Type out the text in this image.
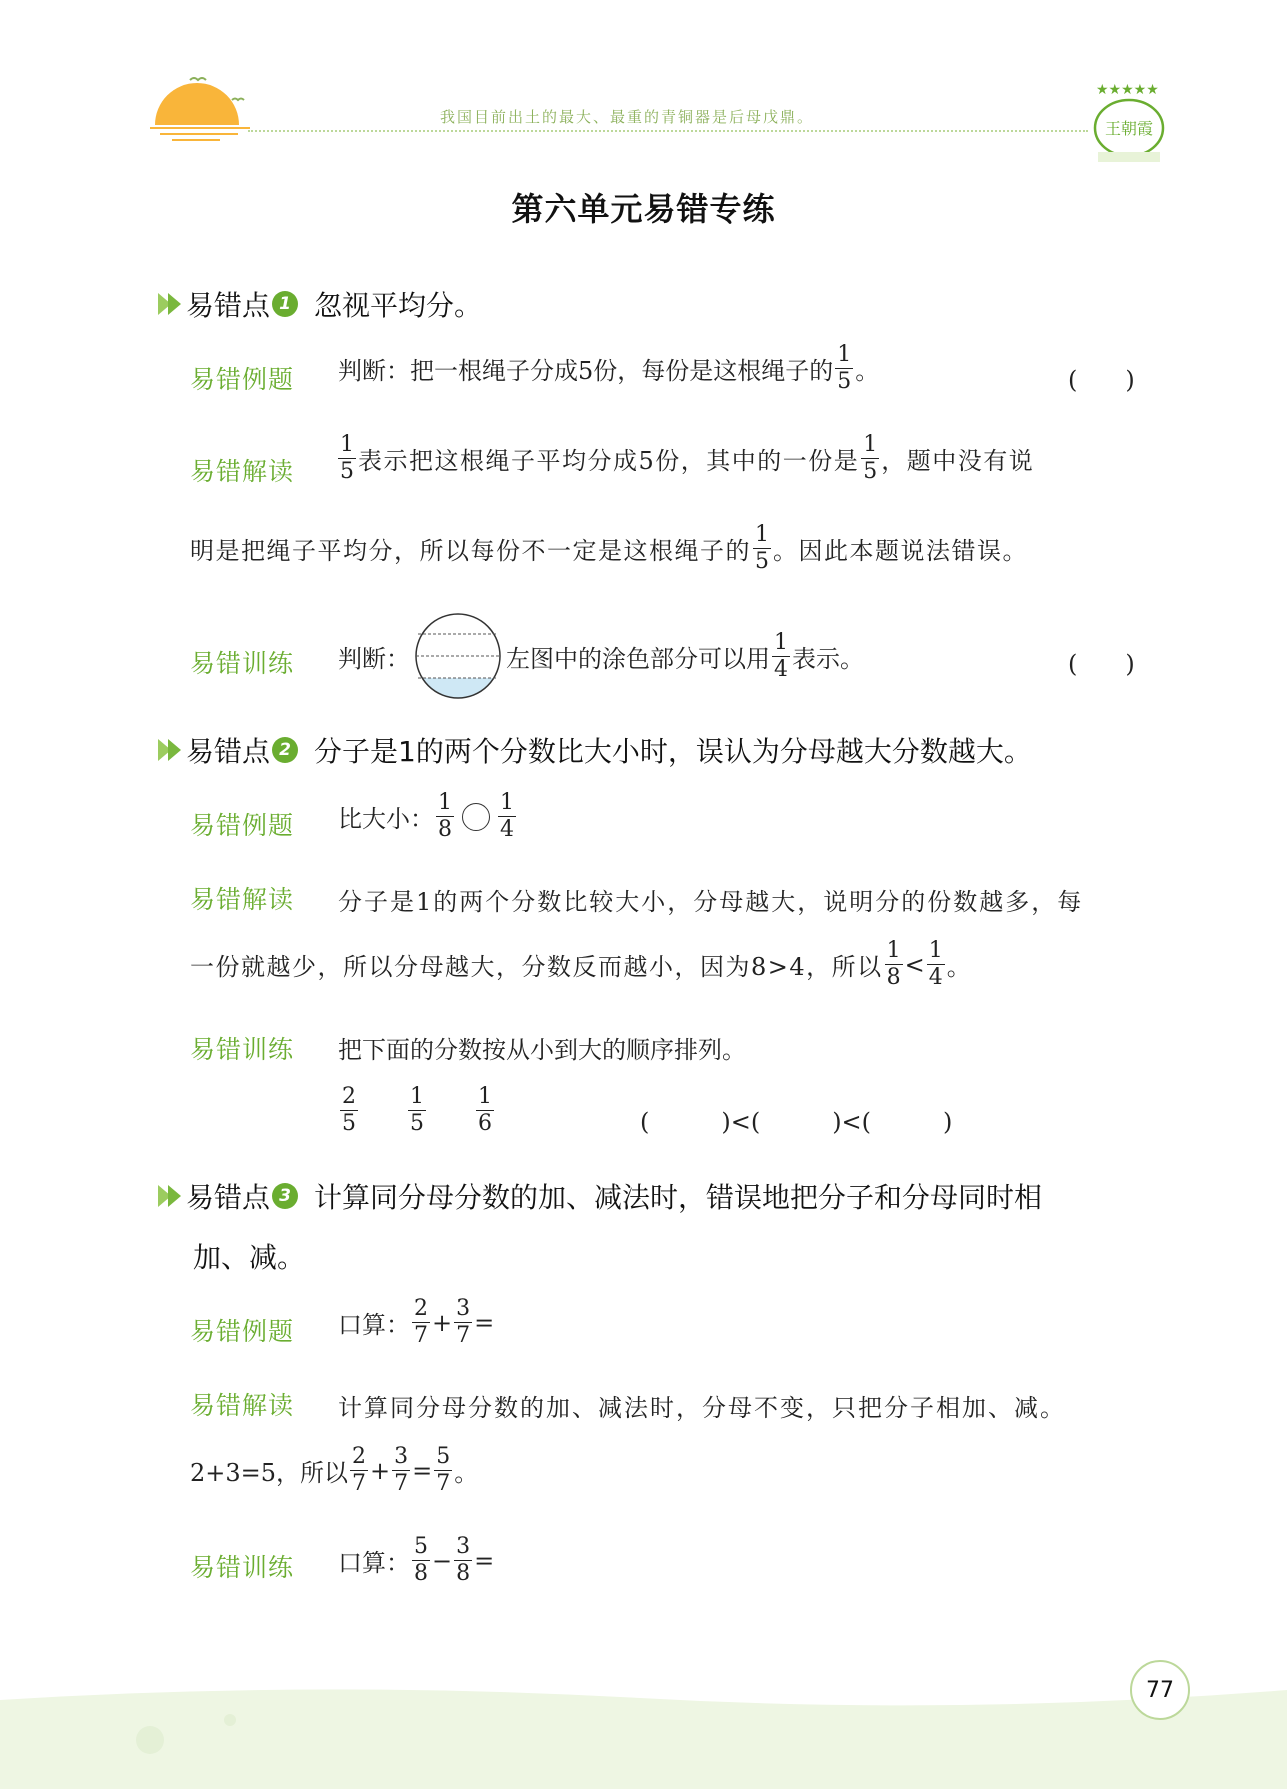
我国目前出土的最大、最重的青铜器是后母戊鼎。
★★★★★
王朝霞
第六单元易错专练
易错点 1 忽视平均分。
易错例题 判断：把一根绳子分成5份，每份是这根绳子的 $\frac{1}{5}$ 。	(　　)
易错解读 $\frac{1}{5}$ 表示把这根绳子平均分成5份，其中的一份是 $\frac{1}{5}$ ，题中没有说
明是把绳子平均分，所以每份不一定是这根绳子的 $\frac{1}{5}$ 。因此本题说法错误。
易错训练 判断：	左图中的涂色部分可以用 $\frac{1}{4}$ 表示。	(　　)
易错点 2 分子是1的两个分数比大小时，误认为分母越大分数越大。
易错例题 比大小： $\frac{1}{8} \frac{1}{4}$
易错解读 分子是1的两个分数比较大小，分母越大，说明分的份数越多，每
一份就越少，所以分母越大，分数反而越小，因为8>4，所以 $\frac{1}{8} < \frac{1}{4}$ 。
易错训练 把下面的分数按从小到大的顺序排列。
$\frac{2}{5} \frac{1}{5} \frac{1}{6}$	(　　　)<(　　　)<(　　　)
易错点 3 计算同分母分数的加、减法时，错误地把分子和分母同时相
加、减。
易错例题 口算： $\frac{2}{7} + \frac{3}{7}$ =
易错解读 计算同分母分数的加、减法时，分母不变，只把分子相加、减。
2+3=5，所以 $\frac{2}{7} + \frac{3}{7} = \frac{5}{7}$ 。
易错训练 口算： $\frac{5}{8} - \frac{3}{8}$ =
77
